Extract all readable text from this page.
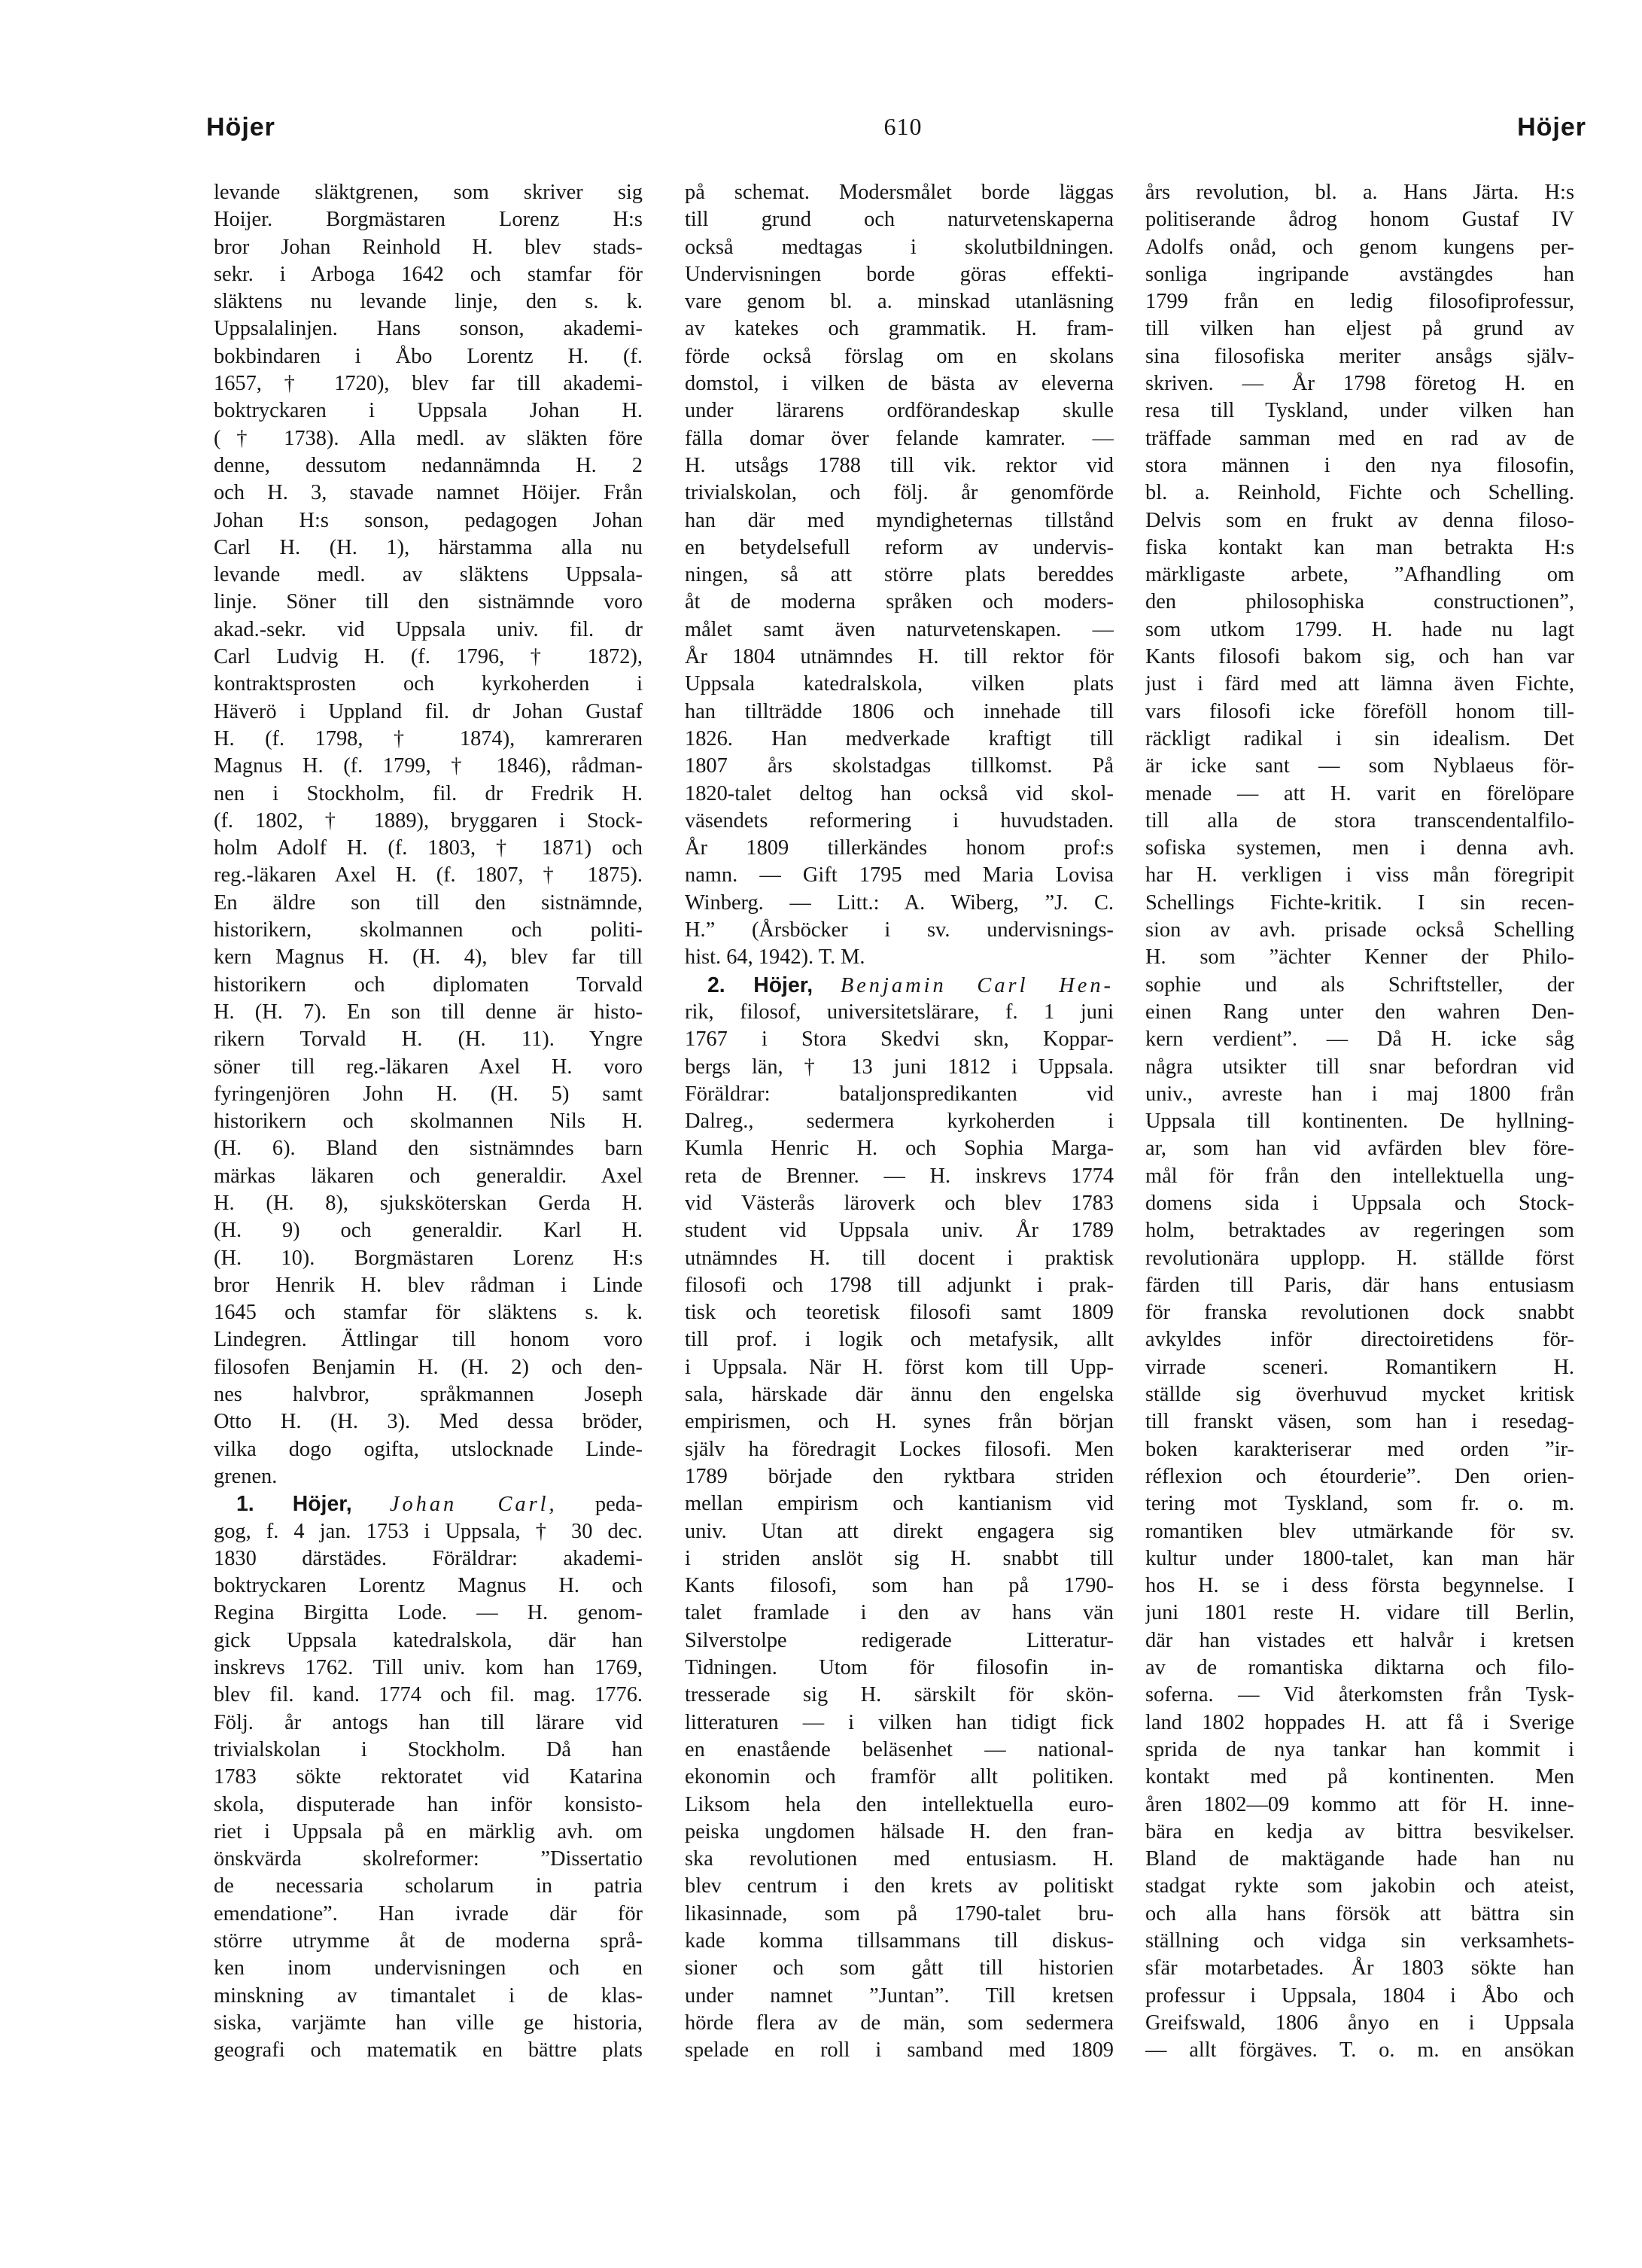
Höjer	610	Höjer
levande släktgrenen, som skriver sig
Hoijer. Borgmästaren Lorenz H:s
bror Johan Reinhold H. blev stads-
sekr. i Arboga 1642 och stamfar för
släktens nu levande linje, den s. k.
Uppsalalinjen. Hans sonson, akademi-
bokbindaren i Åbo Lorentz H. (f.
1657, † 1720), blev far till akademi-
boktryckaren i Uppsala Johan H.
(† 1738). Alla medl. av släkten före
denne, dessutom nedannämnda H. 2
och H. 3, stavade namnet Höijer. Från
Johan H:s sonson, pedagogen Johan
Carl H. (H. 1), härstamma alla nu
levande medl. av släktens Uppsala-
linje. Söner till den sistnämnde voro
akad.-sekr. vid Uppsala univ. fil. dr
Carl Ludvig H. (f. 1796, † 1872),
kontraktsprosten och kyrkoherden i
Häverö i Uppland fil. dr Johan Gustaf
H. (f. 1798, † 1874), kamreraren
Magnus H. (f. 1799, † 1846), rådman-
nen i Stockholm, fil. dr Fredrik H.
(f. 1802, † 1889), bryggaren i Stock-
holm Adolf H. (f. 1803, † 1871) och
reg.-läkaren Axel H. (f. 1807, † 1875).
En äldre son till den sistnämnde,
historikern, skolmannen och politi-
kern Magnus H. (H. 4), blev far till
historikern och diplomaten Torvald
H. (H. 7). En son till denne är histo-
rikern Torvald H. (H. 11). Yngre
söner till reg.-läkaren Axel H. voro
fyringenjören John H. (H. 5) samt
historikern och skolmannen Nils H.
(H. 6). Bland den sistnämndes barn
märkas läkaren och generaldir. Axel
H. (H. 8), sjuksköterskan Gerda H.
(H. 9) och generaldir. Karl H.
(H. 10). Borgmästaren Lorenz H:s
bror Henrik H. blev rådman i Linde
1645 och stamfar för släktens s. k.
Lindegren. Ättlingar till honom voro
filosofen Benjamin H. (H. 2) och den-
nes halvbror, språkmannen Joseph
Otto H. (H. 3). Med dessa bröder,
vilka dogo ogifta, utslocknade Linde-
grenen.
1. Höjer, Johan Carl, peda-
gog, f. 4 jan. 1753 i Uppsala, † 30 dec.
1830 därstädes. Föräldrar: akademi-
boktryckaren Lorentz Magnus H. och
Regina Birgitta Lode. — H. genom-
gick Uppsala katedralskola, där han
inskrevs 1762. Till univ. kom han 1769,
blev fil. kand. 1774 och fil. mag. 1776.
Följ. år antogs han till lärare vid
trivialskolan i Stockholm. Då han
1783 sökte rektoratet vid Katarina
skola, disputerade han inför konsisto-
riet i Uppsala på en märklig avh. om
önskvärda skolreformer: ”Dissertatio
de necessaria scholarum in patria
emendatione”. Han ivrade där för
större utrymme åt de moderna språ-
ken inom undervisningen och en
minskning av timantalet i de klas-
siska, varjämte han ville ge historia,
geografi och matematik en bättre plats
på schemat. Modersmålet borde läggas
till grund och naturvetenskaperna
också medtagas i skolutbildningen.
Undervisningen borde göras effekti-
vare genom bl. a. minskad utanläsning
av katekes och grammatik. H. fram-
förde också förslag om en skolans
domstol, i vilken de bästa av eleverna
under lärarens ordförandeskap skulle
fälla domar över felande kamrater. —
H. utsågs 1788 till vik. rektor vid
trivialskolan, och följ. år genomförde
han där med myndigheternas tillstånd
en betydelsefull reform av undervis-
ningen, så att större plats bereddes
åt de moderna språken och moders-
målet samt även naturvetenskapen. —
År 1804 utnämndes H. till rektor för
Uppsala katedralskola, vilken plats
han tillträdde 1806 och innehade till
1826. Han medverkade kraftigt till
1807 års skolstadgas tillkomst. På
1820-talet deltog han också vid skol-
väsendets reformering i huvudstaden.
År 1809 tillerkändes honom prof:s
namn. — Gift 1795 med Maria Lovisa
Winberg. — Litt.: A. Wiberg, ”J. C.
H.” (Årsböcker i sv. undervisnings-
hist. 64, 1942). T. M.
2. Höjer, Benjamin Carl Hen-
rik, filosof, universitetslärare, f. 1 juni
1767 i Stora Skedvi skn, Koppar-
bergs län, † 13 juni 1812 i Uppsala.
Föräldrar: bataljonspredikanten vid
Dalreg., sedermera kyrkoherden i
Kumla Henric H. och Sophia Marga-
reta de Brenner. — H. inskrevs 1774
vid Västerås läroverk och blev 1783
student vid Uppsala univ. År 1789
utnämndes H. till docent i praktisk
filosofi och 1798 till adjunkt i prak-
tisk och teoretisk filosofi samt 1809
till prof. i logik och metafysik, allt
i Uppsala. När H. först kom till Upp-
sala, härskade där ännu den engelska
empirismen, och H. synes från början
själv ha föredragit Lockes filosofi. Men
1789 började den ryktbara striden
mellan empirism och kantianism vid
univ. Utan att direkt engagera sig
i striden anslöt sig H. snabbt till
Kants filosofi, som han på 1790-
talet framlade i den av hans vän
Silverstolpe redigerade Litteratur-
Tidningen. Utom för filosofin in-
tresserade sig H. särskilt för skön-
litteraturen — i vilken han tidigt fick
en enastående beläsenhet — national-
ekonomin och framför allt politiken.
Liksom hela den intellektuella euro-
peiska ungdomen hälsade H. den fran-
ska revolutionen med entusiasm. H.
blev centrum i den krets av politiskt
likasinnade, som på 1790-talet bru-
kade komma tillsammans till diskus-
sioner och som gått till historien
under namnet ”Juntan”. Till kretsen
hörde flera av de män, som sedermera
spelade en roll i samband med 1809
års revolution, bl. a. Hans Järta. H:s
politiserande ådrog honom Gustaf IV
Adolfs onåd, och genom kungens per-
sonliga ingripande avstängdes han
1799 från en ledig filosofiprofessur,
till vilken han eljest på grund av
sina filosofiska meriter ansågs själv-
skriven. — År 1798 företog H. en
resa till Tyskland, under vilken han
träffade samman med en rad av de
stora männen i den nya filosofin,
bl. a. Reinhold, Fichte och Schelling.
Delvis som en frukt av denna filoso-
fiska kontakt kan man betrakta H:s
märkligaste arbete, ”Afhandling om
den philosophiska constructionen”,
som utkom 1799. H. hade nu lagt
Kants filosofi bakom sig, och han var
just i färd med att lämna även Fichte,
vars filosofi icke föreföll honom till-
räckligt radikal i sin idealism. Det
är icke sant — som Nyblaeus för-
menade — att H. varit en förelöpare
till alla de stora transcendentalfilo-
sofiska systemen, men i denna avh.
har H. verkligen i viss mån föregripit
Schellings Fichte-kritik. I sin recen-
sion av avh. prisade också Schelling
H. som ”ächter Kenner der Philo-
sophie und als Schriftsteller, der
einen Rang unter den wahren Den-
kern verdient”. — Då H. icke såg
några utsikter till snar befordran vid
univ., avreste han i maj 1800 från
Uppsala till kontinenten. De hyllning-
ar, som han vid avfärden blev före-
mål för från den intellektuella ung-
domens sida i Uppsala och Stock-
holm, betraktades av regeringen som
revolutionära upplopp. H. ställde först
färden till Paris, där hans entusiasm
för franska revolutionen dock snabbt
avkyldes inför directoiretidens för-
virrade sceneri. Romantikern H.
ställde sig överhuvud mycket kritisk
till franskt väsen, som han i resedag-
boken karakteriserar med orden ”ir-
réflexion och étourderie”. Den orien-
tering mot Tyskland, som fr. o. m.
romantiken blev utmärkande för sv.
kultur under 1800-talet, kan man här
hos H. se i dess första begynnelse. I
juni 1801 reste H. vidare till Berlin,
där han vistades ett halvår i kretsen
av de romantiska diktarna och filo-
soferna. — Vid återkomsten från Tysk-
land 1802 hoppades H. att få i Sverige
sprida de nya tankar han kommit i
kontakt med på kontinenten. Men
åren 1802—09 kommo att för H. inne-
bära en kedja av bittra besvikelser.
Bland de maktägande hade han nu
stadgat rykte som jakobin och ateist,
och alla hans försök att bättra sin
ställning och vidga sin verksamhets-
sfär motarbetades. År 1803 sökte han
professur i Uppsala, 1804 i Åbo och
Greifswald, 1806 ånyo en i Uppsala
— allt förgäves. T. o. m. en ansökan
